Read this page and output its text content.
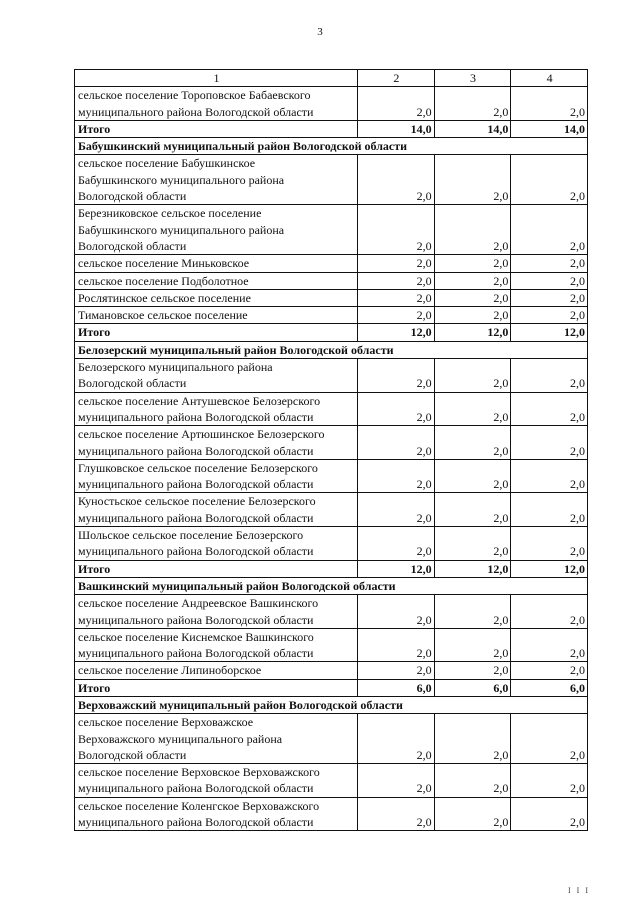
3
1	2	3	4
сельское поселение Тороповское Бабаевского
муниципального района Вологодской области	2,0	2,0	2,0
Итого	14,0	14,0	14,0
Бабушкинский муниципальный район Вологодской области			
сельское поселение Бабушкинское
Бабушкинского муниципального района
Вологодской области	2,0	2,0	2,0
Березниковское сельское поселение
Бабушкинского муниципального района
Вологодской области	2,0	2,0	2,0
сельское поселение Миньковское	2,0	2,0	2,0
сельское поселение Подболотное	2,0	2,0	2,0
Рослятинское сельское поселение	2,0	2,0	2,0
Тимановское сельское поселение	2,0	2,0	2,0
Итого	12,0	12,0	12,0
Белозерский муниципальный район Вологодской области			
Белозерского муниципального района
Вологодской области	2,0	2,0	2,0
сельское поселение Антушевское Белозерского
муниципального района Вологодской области	2,0	2,0	2,0
сельское поселение Артюшинское Белозерского
муниципального района Вологодской области	2,0	2,0	2,0
Глушковское сельское поселение Белозерского
муниципального района Вологодской области	2,0	2,0	2,0
Куностьское сельское поселение Белозерского
муниципального района Вологодской области	2,0	2,0	2,0
Шольское сельское поселение Белозерского
муниципального района Вологодской области	2,0	2,0	2,0
Итого	12,0	12,0	12,0
Вашкинский муниципальный район Вологодской области			
сельское поселение Андреевское Вашкинского
муниципального района Вологодской области	2,0	2,0	2,0
сельское поселение Киснемское Вашкинского
муниципального района Вологодской области	2,0	2,0	2,0
сельское поселение Липиноборское	2,0	2,0	2,0
Итого	6,0	6,0	6,0
Верховажский муниципальный район Вологодской области			
сельское поселение Верховажское
Верховажского муниципального района
Вологодской области	2,0	2,0	2,0
сельское поселение Верховское Верховажского
муниципального района Вологодской области	2,0	2,0	2,0
сельское поселение Коленгское Верховажского
муниципального района Вологодской области	2,0	2,0	2,0
I I I
